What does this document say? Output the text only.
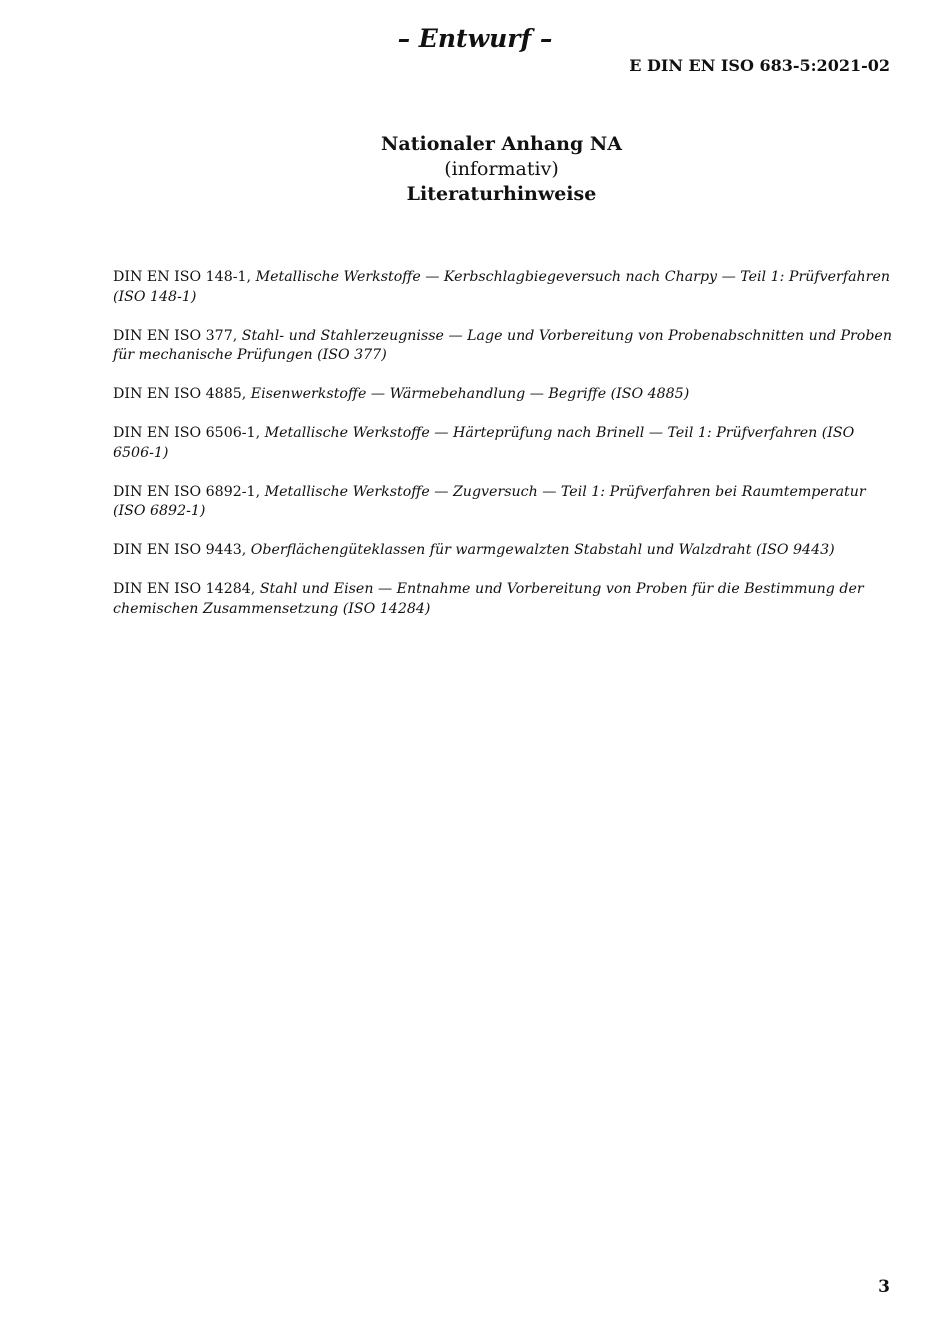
– Entwurf –
E DIN EN ISO 683-5:2021-02
Nationaler Anhang NA
(informativ)
Literaturhinweise

DIN EN ISO 148-1, Metallische Werkstoffe — Kerbschlagbiegeversuch nach Charpy — Teil 1: Prüfverfahren (ISO 148-1)

DIN EN ISO 377, Stahl- und Stahlerzeugnisse — Lage und Vorbereitung von Probenabschnitten und Proben für mechanische Prüfungen (ISO 377)

DIN EN ISO 4885, Eisenwerkstoffe — Wärmebehandlung — Begriffe (ISO 4885)

DIN EN ISO 6506-1, Metallische Werkstoffe — Härteprüfung nach Brinell — Teil 1: Prüfverfahren (ISO 6506-1)

DIN EN ISO 6892-1, Metallische Werkstoffe — Zugversuch — Teil 1: Prüfverfahren bei Raumtemperatur (ISO 6892-1)

DIN EN ISO 9443, Oberflächengüteklassen für warmgewalzten Stabstahl und Walzdraht (ISO 9443)

DIN EN ISO 14284, Stahl und Eisen — Entnahme und Vorbereitung von Proben für die Bestimmung der chemischen Zusammensetzung (ISO 14284)

3
